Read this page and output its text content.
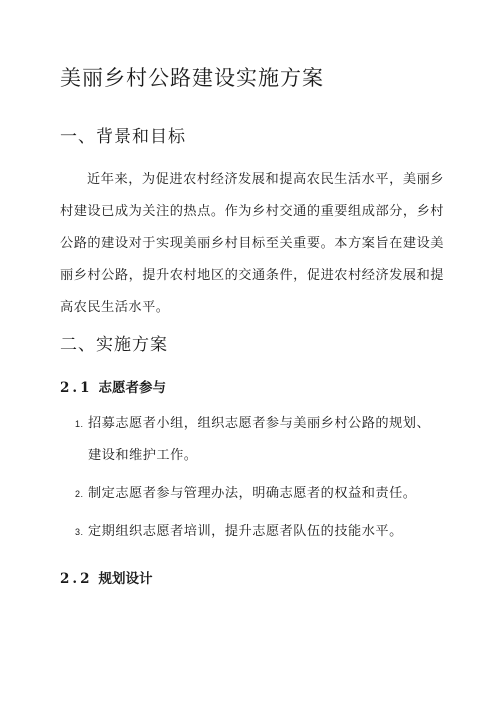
美丽乡村公路建设实施方案
一、背景和目标

近年来，为促进农村经济发展和提高农民生活水平，美丽乡村建设已成为关注的热点。作为乡村交通的重要组成部分，乡村公路的建设对于实现美丽乡村目标至关重要。本方案旨在建设美丽乡村公路，提升农村地区的交通条件，促进农村经济发展和提高农民生活水平。

二、实施方案
2.1 志愿者参与
1. 招募志愿者小组，组织志愿者参与美丽乡村公路的规划、建设和维护工作。
2. 制定志愿者参与管理办法，明确志愿者的权益和责任。
3. 定期组织志愿者培训，提升志愿者队伍的技能水平。
2.2 规划设计
